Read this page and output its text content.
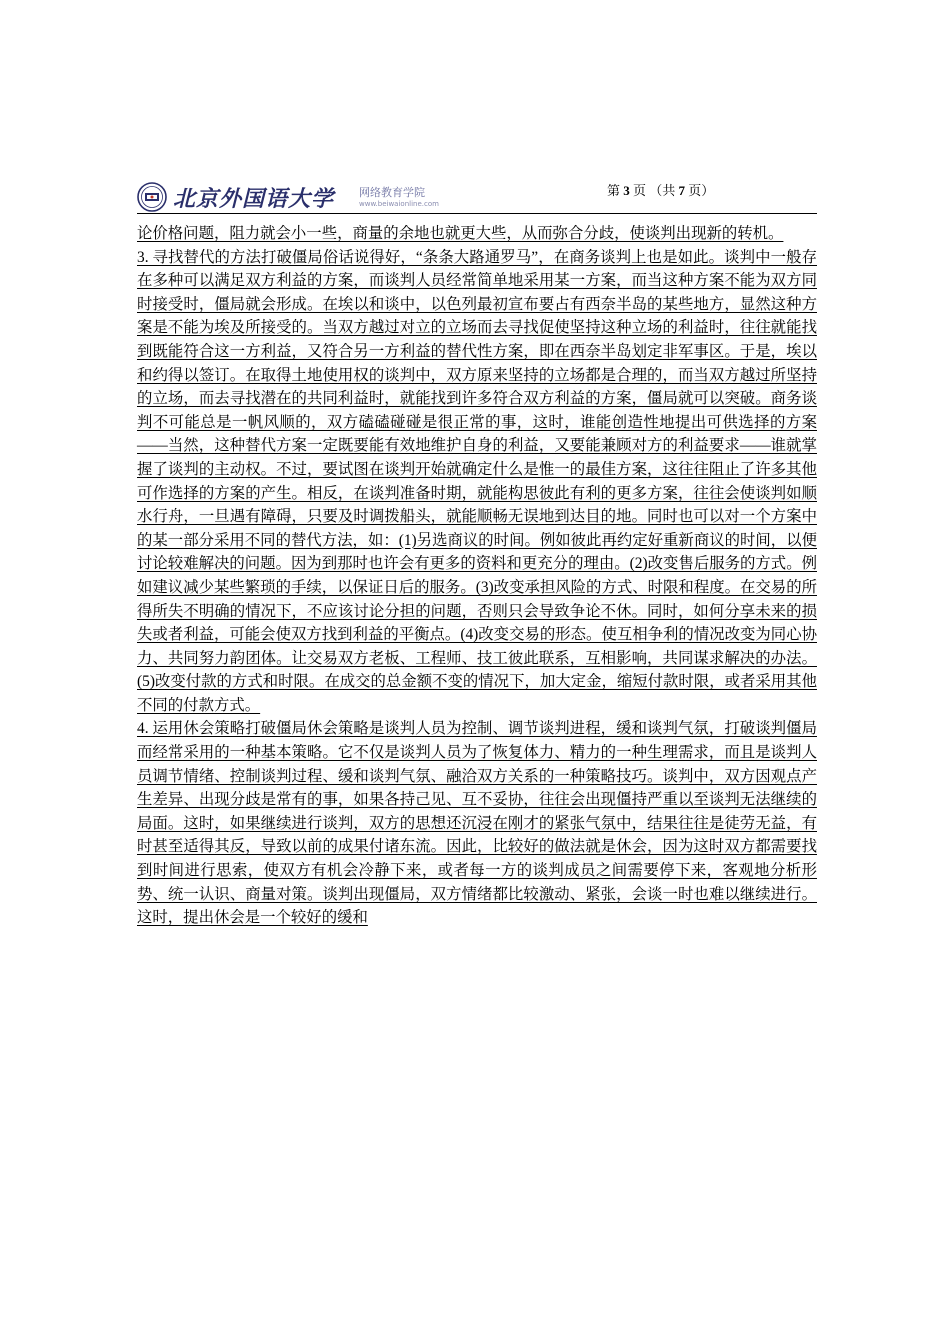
北京外国语大学 网络教育学院
www.beiwaionline.com
第 3 页 （共 7 页）

论价格问题，阻力就会小一些，商量的余地也就更大些，从而弥合分歧，使谈判出现新的转机。

3. 寻找替代的方法打破僵局俗话说得好，“条条大路通罗马”，在商务谈判上也是如此。谈判中一般存在多种可以满足双方利益的方案，而谈判人员经常简单地采用某一方案，而当这种方案不能为双方同时接受时，僵局就会形成。在埃以和谈中，以色列最初宣布要占有西奈半岛的某些地方，显然这种方案是不能为埃及所接受的。当双方越过对立的立场而去寻找促使坚持这种立场的利益时，往往就能找到既能符合这一方利益，又符合另一方利益的替代性方案，即在西奈半岛划定非军事区。于是，埃以和约得以签订。在取得土地使用权的谈判中，双方原来坚持的立场都是合理的，而当双方越过所坚持的立场，而去寻找潜在的共同利益时，就能找到许多符合双方利益的方案，僵局就可以突破。商务谈判不可能总是一帆风顺的，双方磕磕碰碰是很正常的事，这时，谁能创造性地提出可供选择的方案——当然，这种替代方案一定既要能有效地维护自身的利益，又要能兼顾对方的利益要求——谁就掌握了谈判的主动权。不过，要试图在谈判开始就确定什么是惟一的最佳方案，这往往阻止了许多其他可作选择的方案的产生。相反，在谈判准备时期，就能构思彼此有利的更多方案，往往会使谈判如顺水行舟，一旦遇有障碍，只要及时调拨船头，就能顺畅无误地到达目的地。同时也可以对一个方案中的某一部分采用不同的替代方法，如：(1)另选商议的时间。例如彼此再约定好重新商议的时间，以便讨论较难解决的问题。因为到那时也许会有更多的资料和更充分的理由。(2)改变售后服务的方式。例如建议减少某些繁琐的手续，以保证日后的服务。(3)改变承担风险的方式、时限和程度。在交易的所得所失不明确的情况下，不应该讨论分担的问题，否则只会导致争论不休。同时，如何分享未来的损失或者利益，可能会使双方找到利益的平衡点。(4)改变交易的形态。使互相争利的情况改变为同心协力、共同努力韵团体。让交易双方老板、工程师、技工彼此联系，互相影响，共同谋求解决的办法。(5)改变付款的方式和时限。在成交的总金额不变的情况下，加大定金，缩短付款时限，或者采用其他不同的付款方式。

4. 运用休会策略打破僵局休会策略是谈判人员为控制、调节谈判进程，缓和谈判气氛，打破谈判僵局而经常采用的一种基本策略。它不仅是谈判人员为了恢复体力、精力的一种生理需求，而且是谈判人员调节情绪、控制谈判过程、缓和谈判气氛、融洽双方关系的一种策略技巧。谈判中，双方因观点产生差异、出现分歧是常有的事，如果各持己见、互不妥协，往往会出现僵持严重以至谈判无法继续的局面。这时，如果继续进行谈判，双方的思想还沉浸在刚才的紧张气氛中，结果往往是徒劳无益，有时甚至适得其反，导致以前的成果付诸东流。因此，比较好的做法就是休会，因为这时双方都需要找到时间进行思索，使双方有机会冷静下来，或者每一方的谈判成员之间需要停下来，客观地分析形势、统一认识、商量对策。谈判出现僵局，双方情绪都比较激动、紧张，会谈一时也难以继续进行。这时，提出休会是一个较好的缓和
